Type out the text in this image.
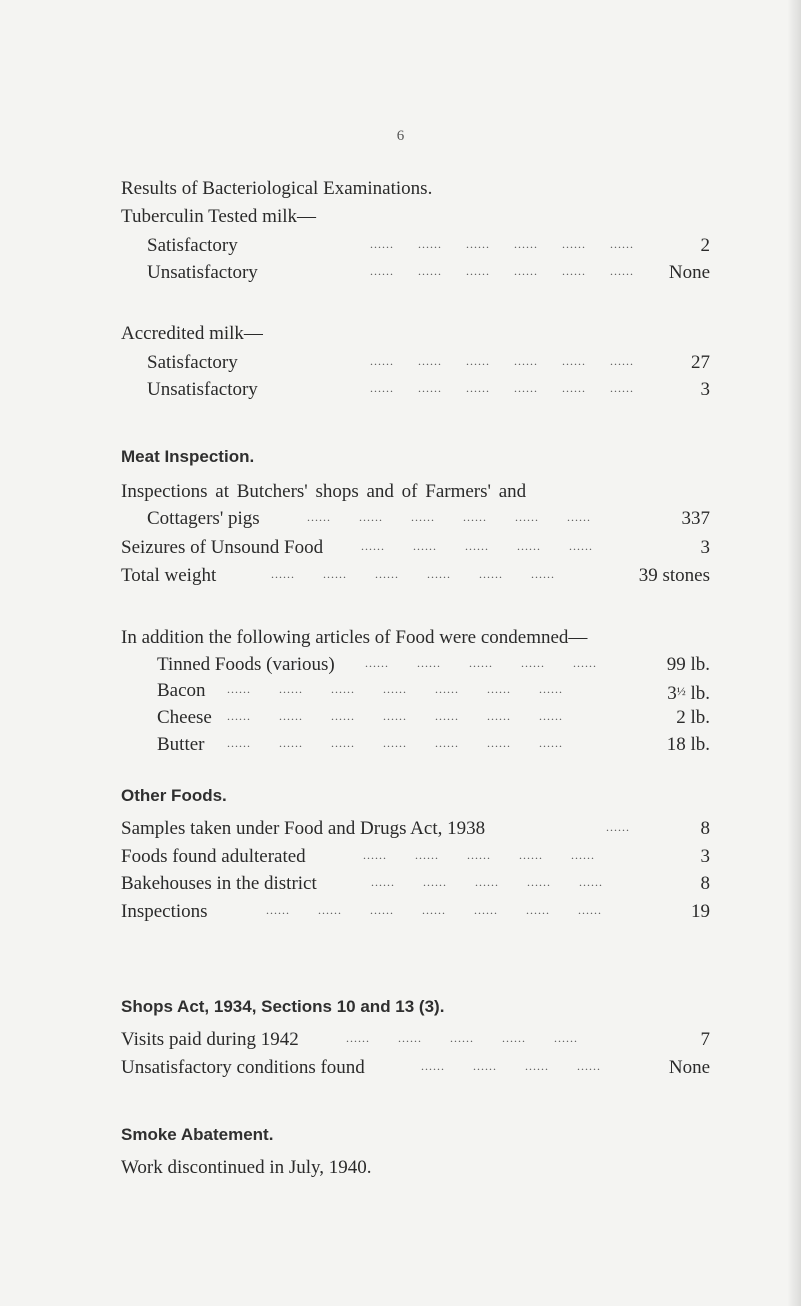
6
Results of Bacteriological Examinations.
Tuberculin Tested milk—
Satisfactory	......      ......      ......      ......      ......      ......	2
Unsatisfactory	......      ......      ......      ......      ......      ...... None
Accredited milk—
Satisfactory	......      ......      ......      ......      ......      ......	27
Unsatisfactory	......      ......      ......      ......      ......      ......	3
Meat Inspection.
Inspections at Butchers' shops and of Farmers' and
Cottagers' pigs	......       ......       ......       ......       ......       ......	337
Seizures of Unsound Food	......       ......       ......       ......       ......	3
Total weight	......       ......       ......       ......       ......       ......	39 stones
In addition the following articles of Food were condemned—
Tinned Foods (various)	......       ......       ......       ......       ......	99 lb.
Bacon ......       ......       ......       ......       ......       ......       ......	$3^{\frac{1}{2}}$ lb.
Cheese ......       ......       ......       ......       ......       ......       ......	2 lb.
Butter ......       ......       ......       ......       ......       ......       ......	18 lb.
Other Foods.
Samples taken under Food and Drugs Act, 1938	......	8
Foods found adulterated	......       ......       ......       ......       ......	3
Bakehouses in the district	......       ......       ......       ......       ......	8
Inspections	......       ......       ......       ......       ......       ......       ......	19
Shops Act, 1934, Sections 10 and 13 (3).
Visits paid during 1942	......       ......       ......       ......       ......	7
Unsatisfactory conditions found	......       ......       ......       ......	None
Smoke Abatement.
Work discontinued in July, 1940.
